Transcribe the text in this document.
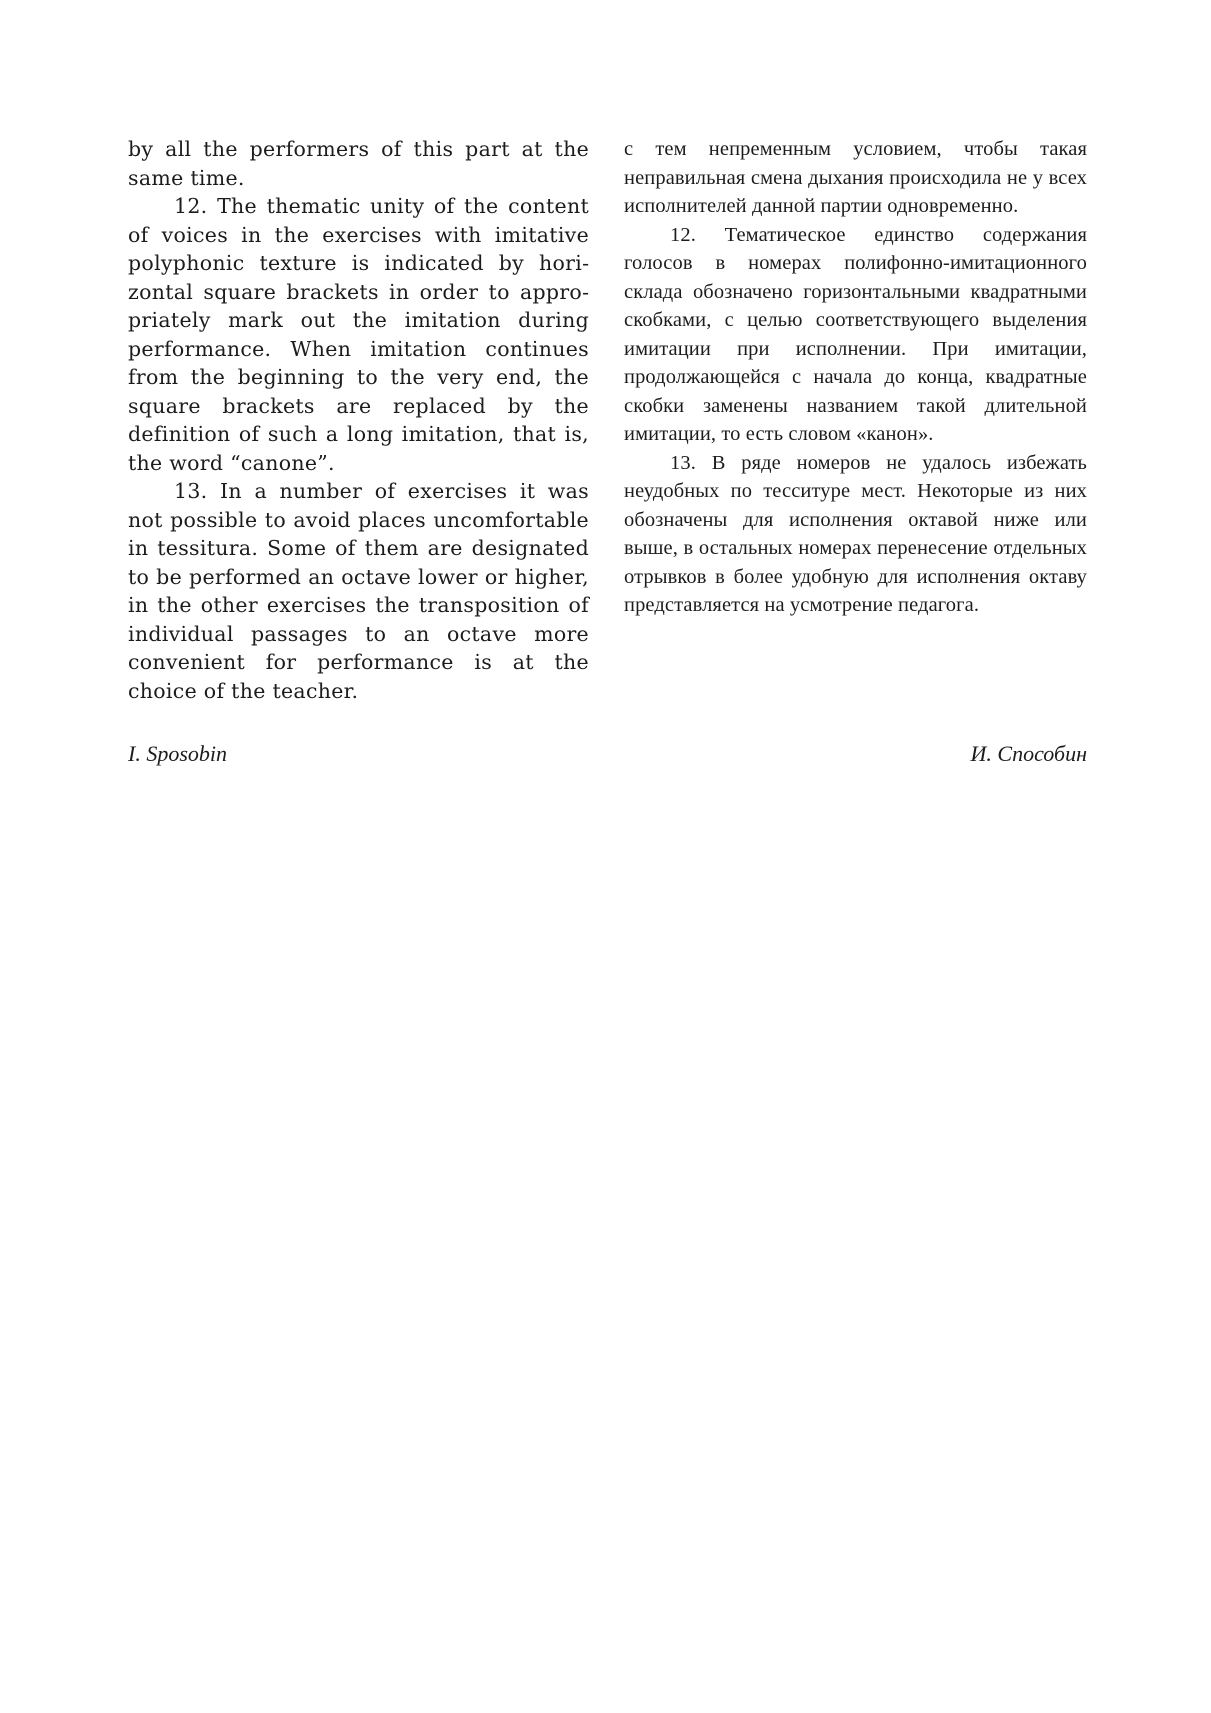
by all the performers of this part at the same time.

12. The thematic unity of the content of voices in the exercises with imitative polyphonic texture is indicated by horizontal square brackets in order to appropriately mark out the imitation during performance. When imitation continues from the beginning to the very end, the square brackets are replaced by the definition of such a long imitation, that is, the word “canone”.

13. In a number of exercises it was not possible to avoid places uncomfortable in tessitura. Some of them are designated to be performed an octave lower or higher, in the other exercises the transposition of individual passages to an octave more convenient for performance is at the choice of the teacher.

с тем непременным условием, чтобы такая неправильная смена дыхания происходила не у всех исполнителей данной партии одновременно.

12. Тематическое единство содержания голосов в номерах полифонно-имитационного склада обозначено горизонтальными квадратными скобками, с целью соответствующего выделения имитации при исполнении. При имитации, продолжающейся с начала до конца, квадратные скобки заменены названием такой длительной имитации, то есть словом «канон».

13. В ряде номеров не удалось избежать неудобных по тесситуре мест. Некоторые из них обозначены для исполнения октавой ниже или выше, в остальных номерах перенесение отдельных отрывков в более удобную для исполнения октаву представляется на усмотрение педагога.

I. Sposobin	И. Способин
